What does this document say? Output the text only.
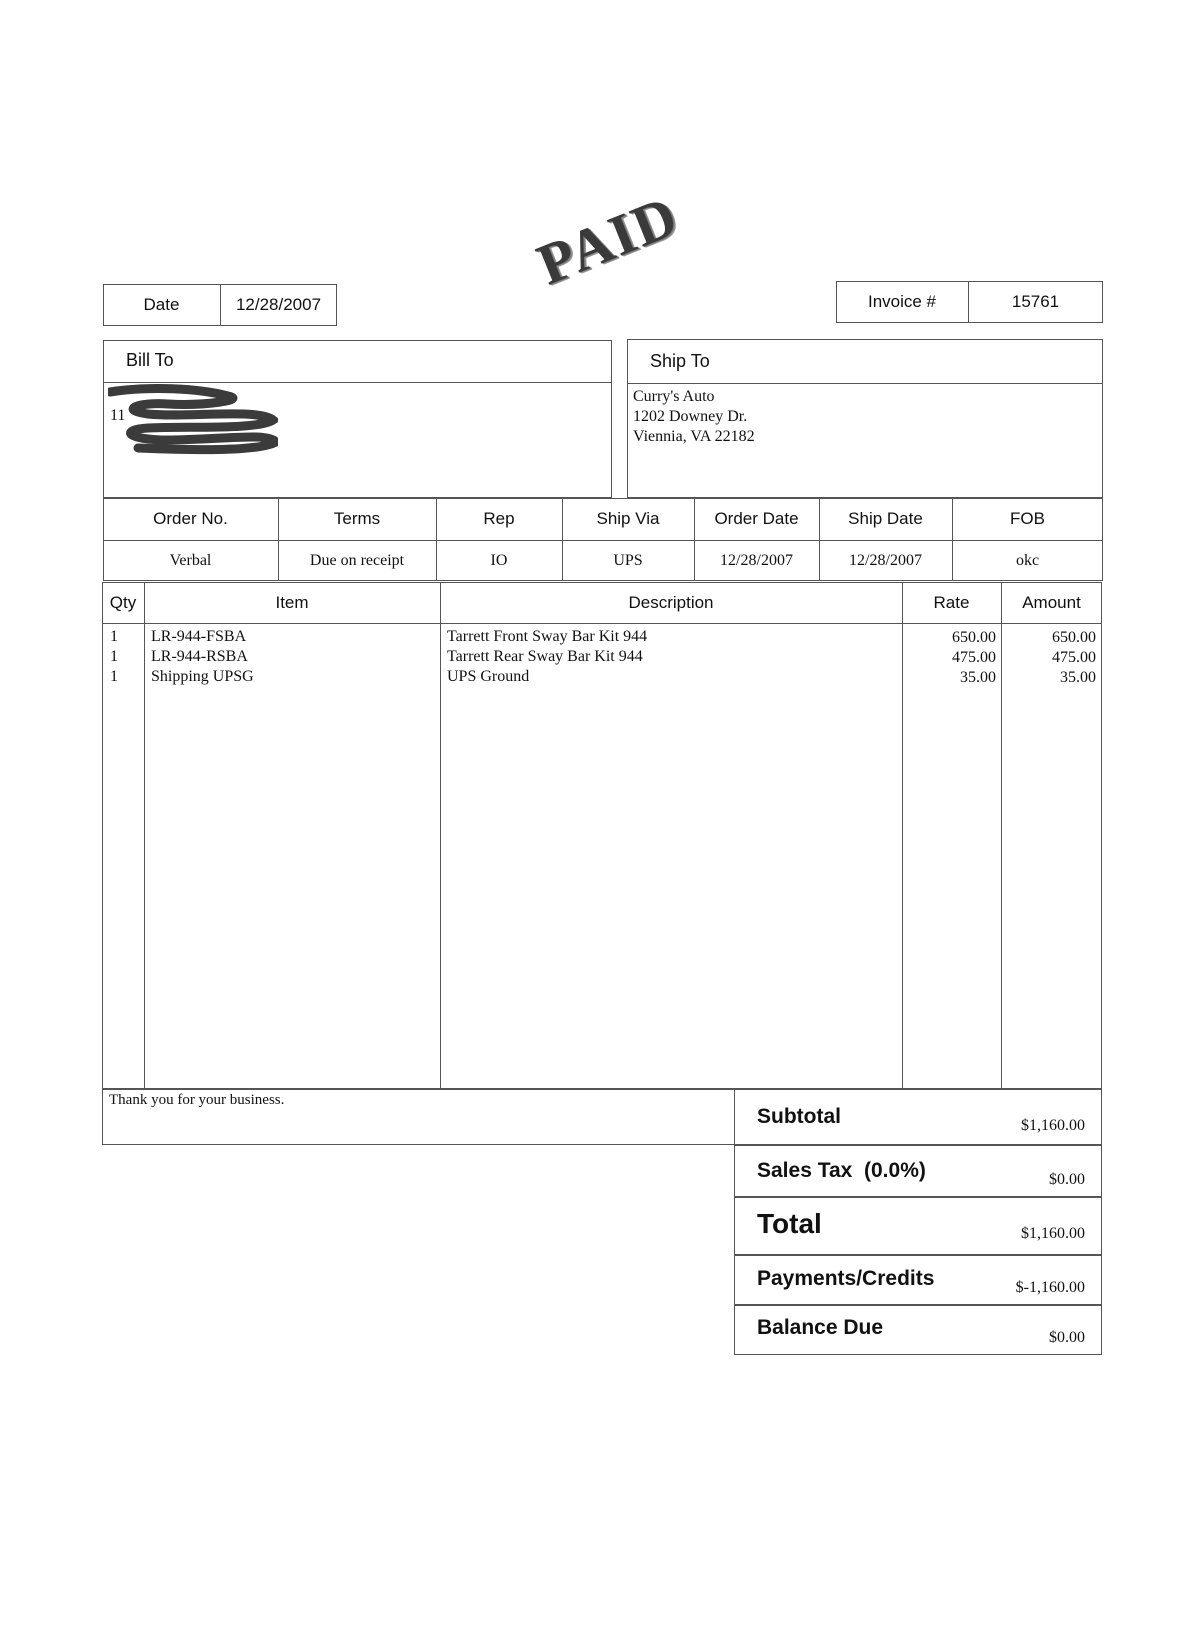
PAID
Date	12/28/2007	Invoice #	15761
Bill To
11
Ship To
Curry's Auto
1202 Downey Dr.
Viennia, VA 22182
Order No.	Terms	Rep	Ship Via	Order Date	Ship Date	FOB
Verbal	Due on receipt	IO	UPS	12/28/2007	12/28/2007	okc
Qty	Item	Description	Rate	Amount
1 LR-944-FSBA	Tarrett Front Sway Bar Kit 944	650.00	650.00
1 LR-944-RSBA	Tarrett Rear Sway Bar Kit 944	475.00	475.00
1 Shipping UPSG	UPS Ground	35.00	35.00
Thank you for your business.
Subtotal	$1,160.00
Sales Tax  (0.0%)	$0.00
Total	$1,160.00
Payments/Credits	$-1,160.00
Balance Due	$0.00
